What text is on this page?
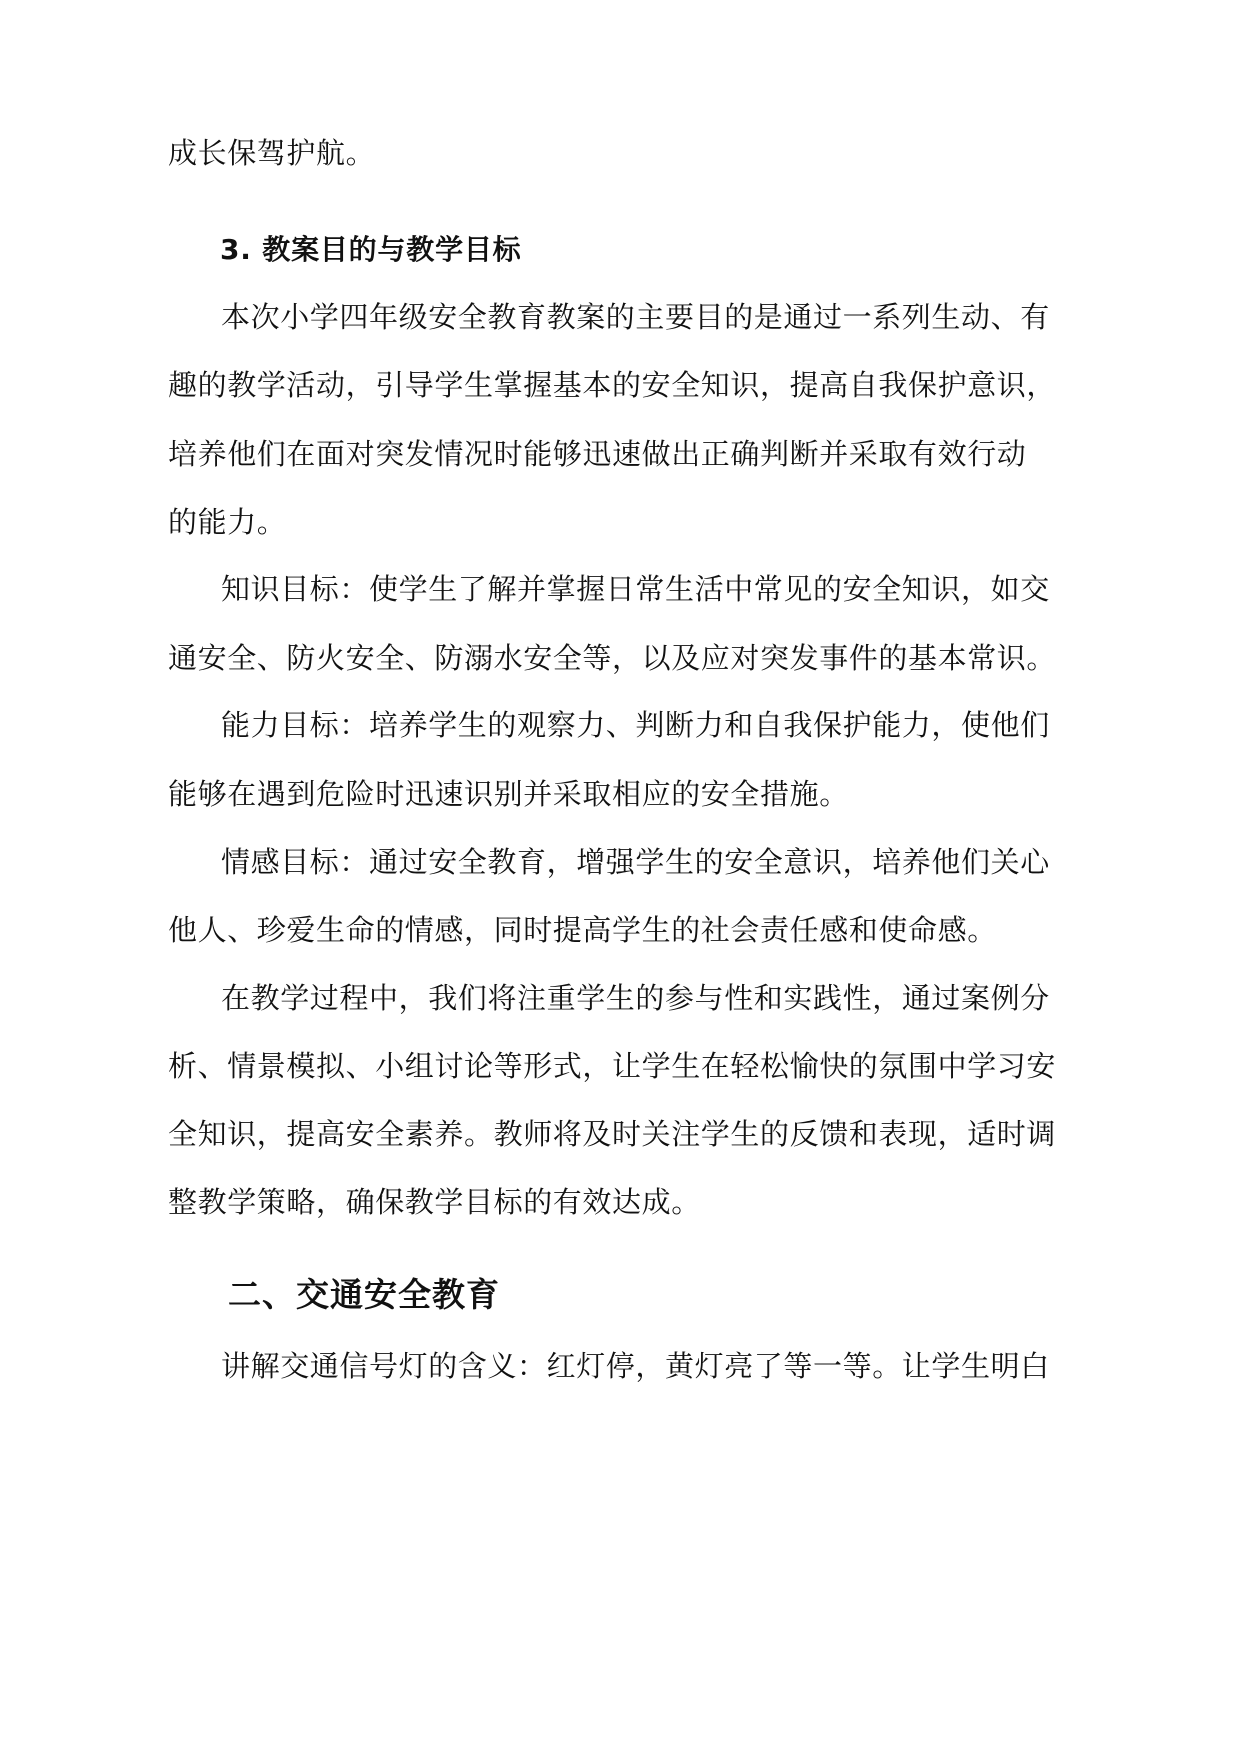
成长保驾护航。
3. 教案目的与教学目标
本次小学四年级安全教育教案的主要目的是通过一系列生动、有
趣的教学活动，引导学生掌握基本的安全知识，提高自我保护意识，
培养他们在面对突发情况时能够迅速做出正确判断并采取有效行动
的能力。
知识目标：使学生了解并掌握日常生活中常见的安全知识，如交
通安全、防火安全、防溺水安全等，以及应对突发事件的基本常识。
能力目标：培养学生的观察力、判断力和自我保护能力，使他们
能够在遇到危险时迅速识别并采取相应的安全措施。
情感目标：通过安全教育，增强学生的安全意识，培养他们关心
他人、珍爱生命的情感，同时提高学生的社会责任感和使命感。
在教学过程中，我们将注重学生的参与性和实践性，通过案例分
析、情景模拟、小组讨论等形式，让学生在轻松愉快的氛围中学习安
全知识，提高安全素养。教师将及时关注学生的反馈和表现，适时调
整教学策略，确保教学目标的有效达成。
二、交通安全教育
讲解交通信号灯的含义：红灯停，黄灯亮了等一等。让学生明白
